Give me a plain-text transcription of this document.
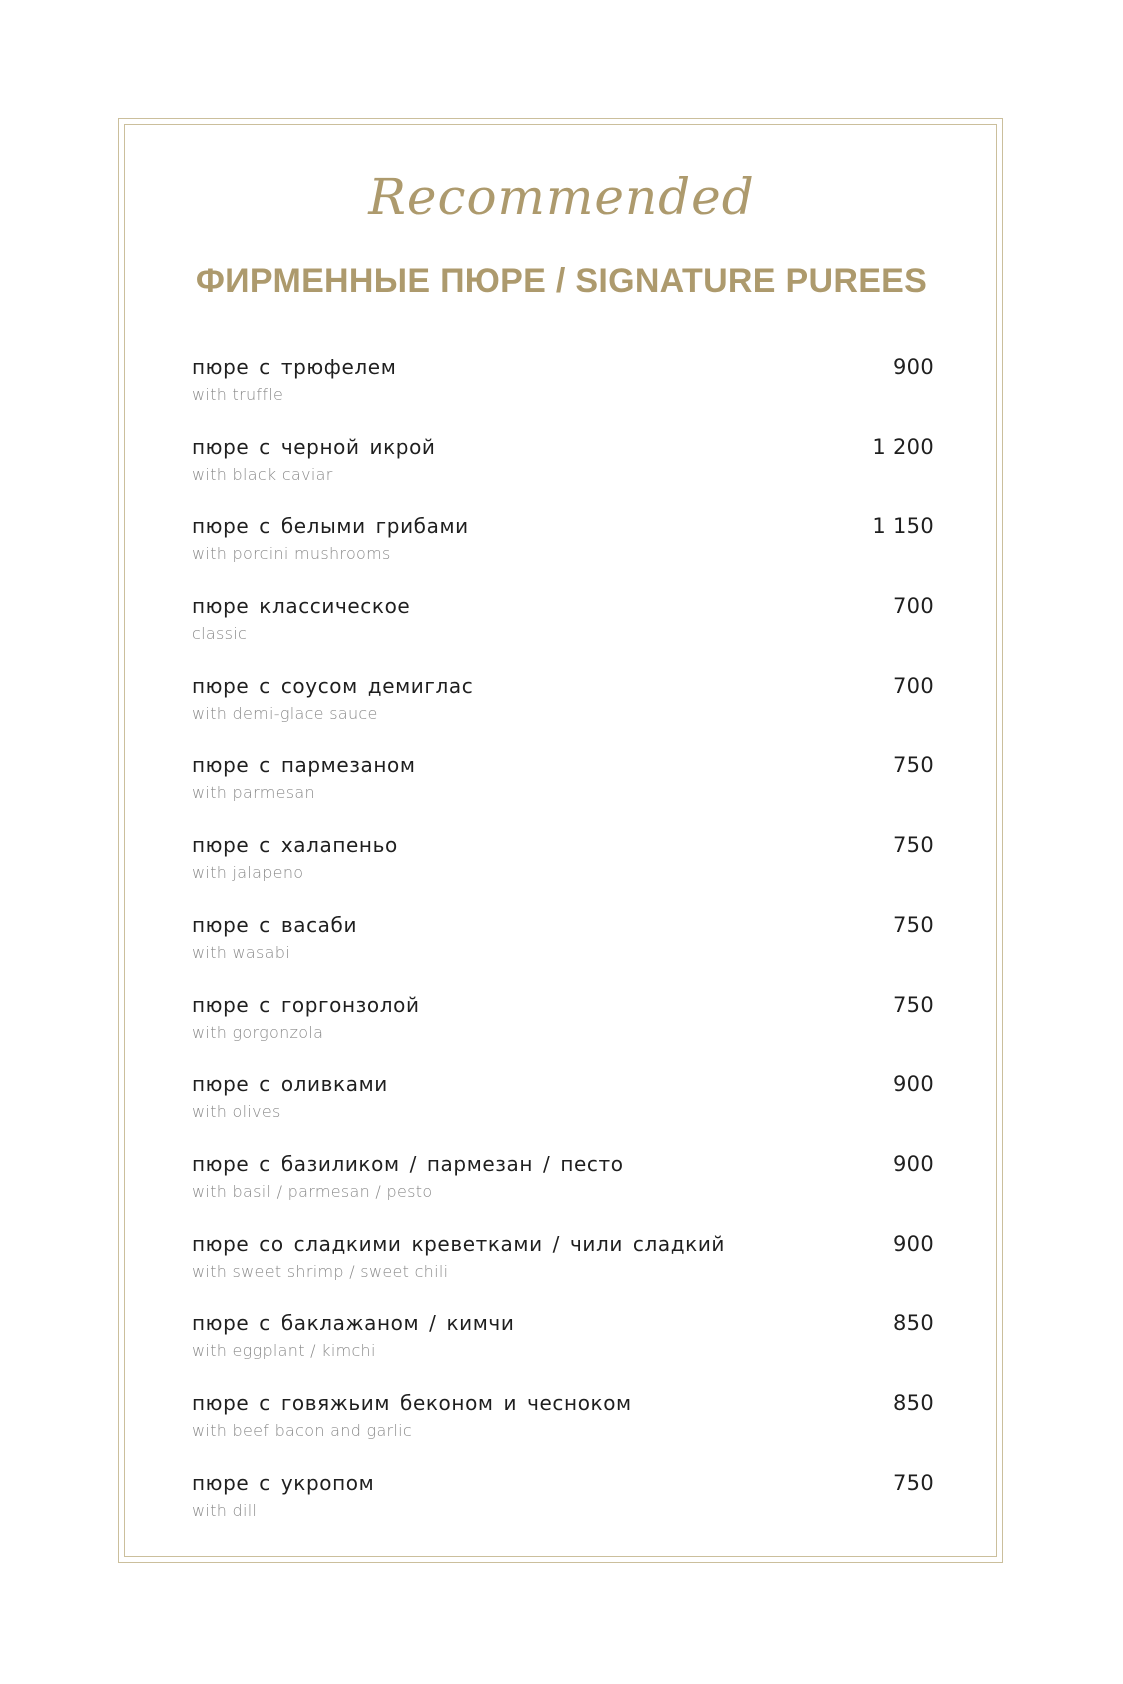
Recommended
ФИРМЕННЫЕ ПЮРЕ / SIGNATURE PUREES
пюре с трюфелем
with truffle
900
пюре с черной икрой
with black caviar
1 200
пюре с белыми грибами
with porcini mushrooms
1 150
пюре классическое
classic
700
пюре с соусом демиглас
with demi-glace sauce
700
пюре с пармезаном
with parmesan
750
пюре с халапеньо
with jalapeno
750
пюре с васаби
with wasabi
750
пюре с горгонзолой
with gorgonzola
750
пюре с оливками
with olives
900
пюре с базиликом / пармезан / песто
with basil / parmesan / pesto
900
пюре со сладкими креветками / чили сладкий
with sweet shrimp / sweet chili
900
пюре с баклажаном / кимчи
with eggplant / kimchi
850
пюре с говяжьим беконом и чесноком
with beef bacon and garlic
850
пюре с укропом
with dill
750
